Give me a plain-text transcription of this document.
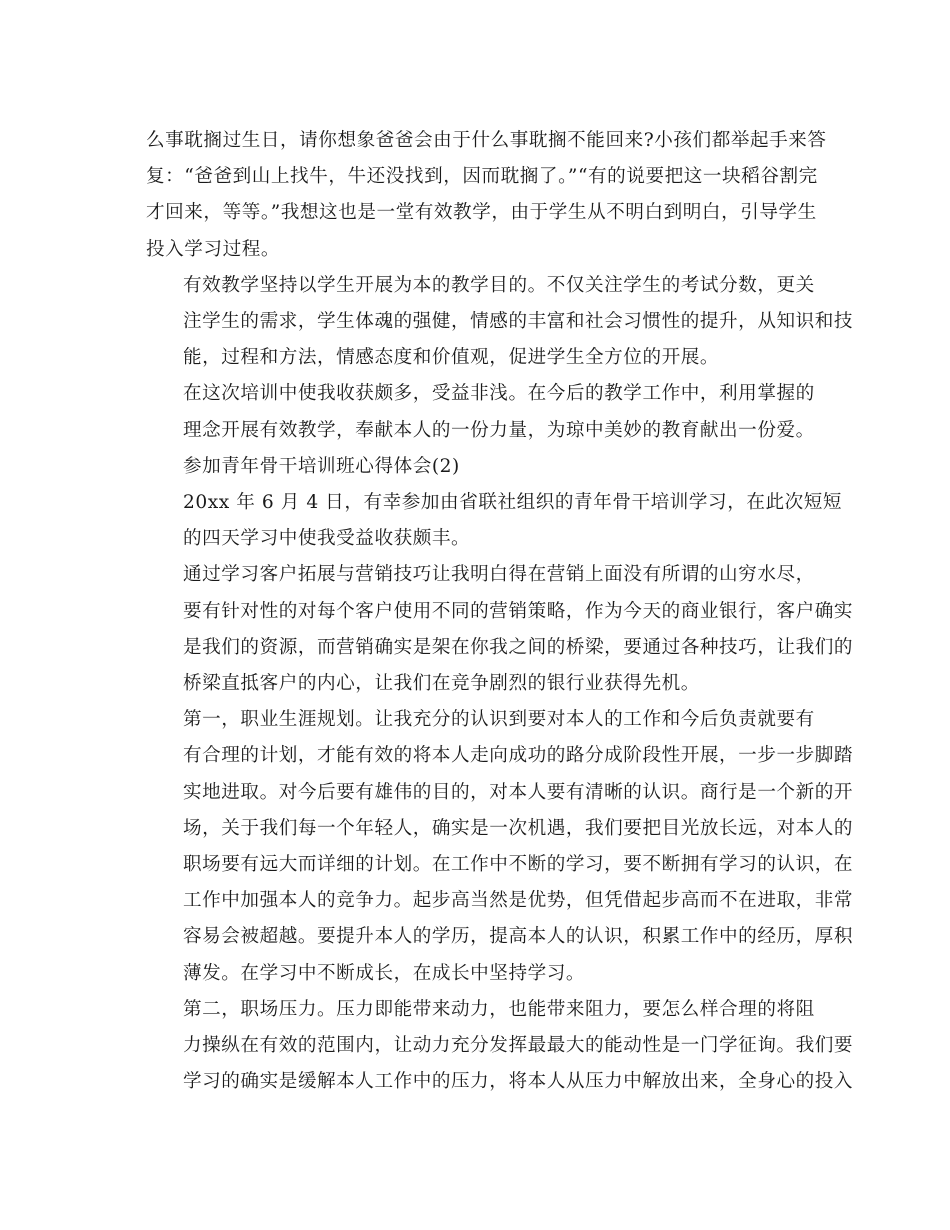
么事耽搁过生日，请你想象爸爸会由于什么事耽搁不能回来?小孩们都举起手来答
复：“爸爸到山上找牛，牛还没找到，因而耽搁了。”“有的说要把这一块稻谷割完
才回来，等等。”我想这也是一堂有效教学，由于学生从不明白到明白，引导学生
投入学习过程。

有效教学坚持以学生开展为本的教学目的。不仅关注学生的考试分数，更关
注学生的需求，学生体魂的强健，情感的丰富和社会习惯性的提升，从知识和技
能，过程和方法，情感态度和价值观，促进学生全方位的开展。

在这次培训中使我收获颇多，受益非浅。在今后的教学工作中，利用掌握的
理念开展有效教学，奉献本人的一份力量，为琼中美妙的教育献出一份爱。

参加青年骨干培训班心得体会(2)

20xx 年 6 月 4 日，有幸参加由省联社组织的青年骨干培训学习，在此次短短
的四天学习中使我受益收获颇丰。

通过学习客户拓展与营销技巧让我明白得在营销上面没有所谓的山穷水尽，
要有针对性的对每个客户使用不同的营销策略，作为今天的商业银行，客户确实
是我们的资源，而营销确实是架在你我之间的桥梁，要通过各种技巧，让我们的
桥梁直抵客户的内心，让我们在竞争剧烈的银行业获得先机。

第一，职业生涯规划。让我充分的认识到要对本人的工作和今后负责就要有
有合理的计划，才能有效的将本人走向成功的路分成阶段性开展，一步一步脚踏
实地进取。对今后要有雄伟的目的，对本人要有清晰的认识。商行是一个新的开
场，关于我们每一个年轻人，确实是一次机遇，我们要把目光放长远，对本人的
职场要有远大而详细的计划。在工作中不断的学习，要不断拥有学习的认识，在
工作中加强本人的竞争力。起步高当然是优势，但凭借起步高而不在进取，非常
容易会被超越。要提升本人的学历，提高本人的认识，积累工作中的经历，厚积
薄发。在学习中不断成长，在成长中坚持学习。

第二，职场压力。压力即能带来动力，也能带来阻力，要怎么样合理的将阻
力操纵在有效的范围内，让动力充分发挥最最大的能动性是一门学征询。我们要
学习的确实是缓解本人工作中的压力，将本人从压力中解放出来，全身心的投入
